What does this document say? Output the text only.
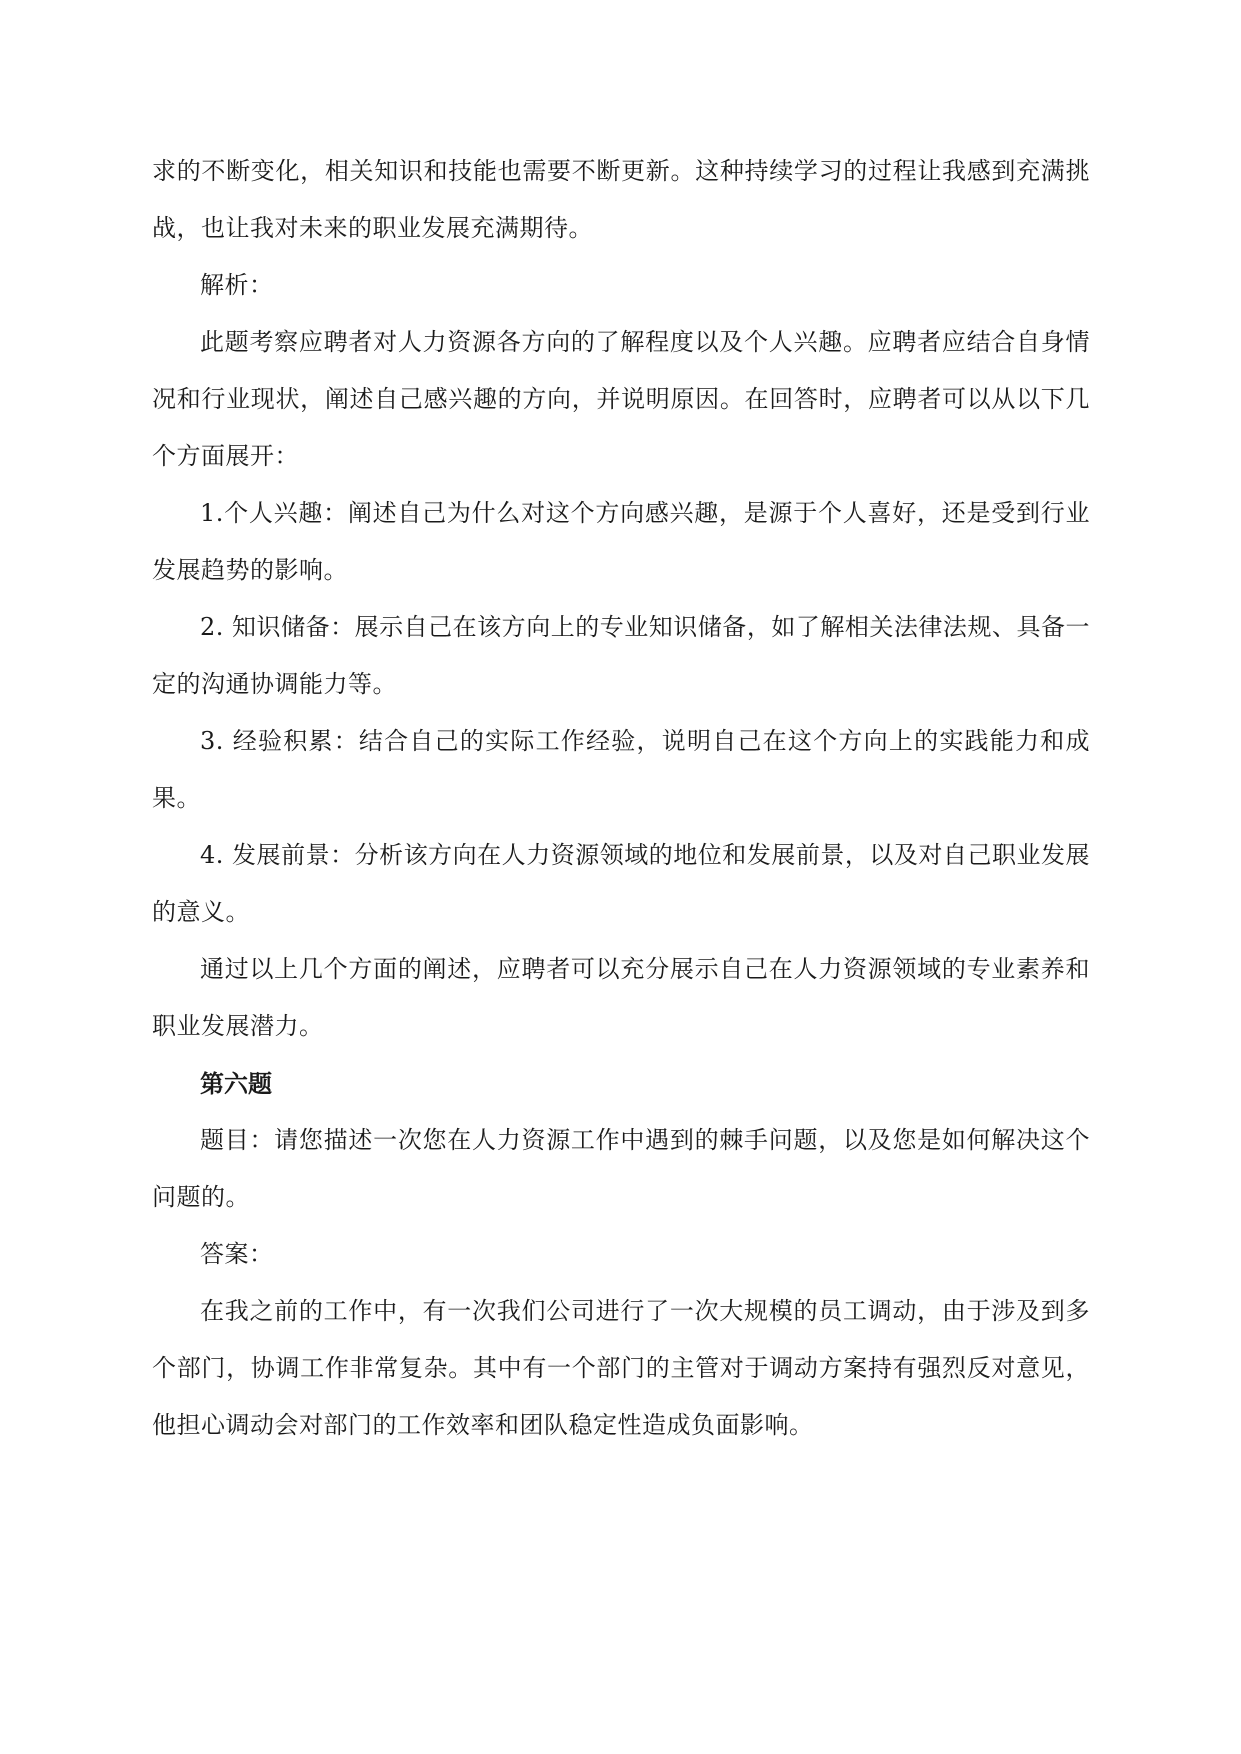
求的不断变化，相关知识和技能也需要不断更新。这种持续学习的过程让我感到充满挑战，也让我对未来的职业发展充满期待。

解析：

此题考察应聘者对人力资源各方向的了解程度以及个人兴趣。应聘者应结合自身情况和行业现状，阐述自己感兴趣的方向，并说明原因。在回答时，应聘者可以从以下几个方面展开：

1.个人兴趣：阐述自己为什么对这个方向感兴趣，是源于个人喜好，还是受到行业发展趋势的影响。

2. 知识储备：展示自己在该方向上的专业知识储备，如了解相关法律法规、具备一定的沟通协调能力等。

3. 经验积累：结合自己的实际工作经验，说明自己在这个方向上的实践能力和成果。

4. 发展前景：分析该方向在人力资源领域的地位和发展前景，以及对自己职业发展的意义。

通过以上几个方面的阐述，应聘者可以充分展示自己在人力资源领域的专业素养和职业发展潜力。

第六题

题目：请您描述一次您在人力资源工作中遇到的棘手问题，以及您是如何解决这个问题的。

答案：

在我之前的工作中，有一次我们公司进行了一次大规模的员工调动，由于涉及到多个部门，协调工作非常复杂。其中有一个部门的主管对于调动方案持有强烈反对意见，他担心调动会对部门的工作效率和团队稳定性造成负面影响。
